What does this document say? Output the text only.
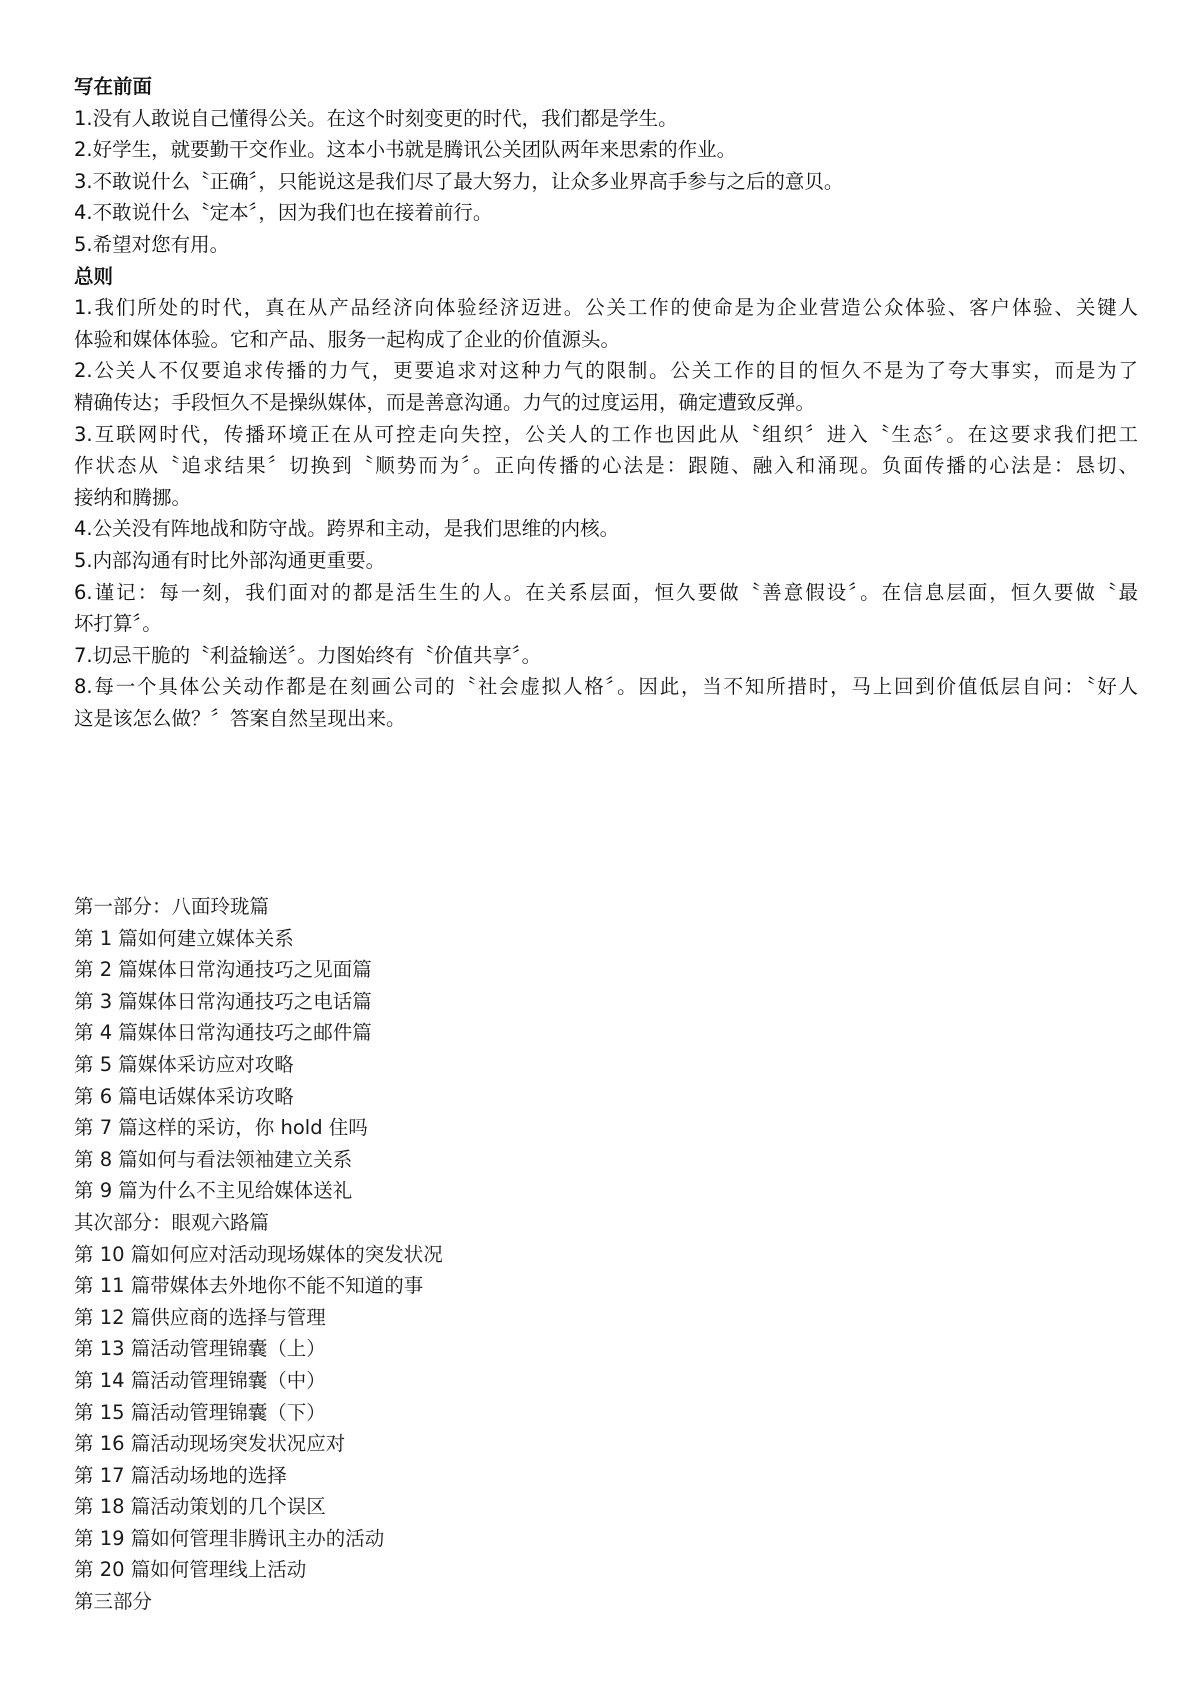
写在前面
1.没有人敢说自己懂得公关。在这个时刻变更的时代，我们都是学生。
2.好学生，就要勤干交作业。这本小书就是腾讯公关团队两年来思索的作业。
3.不敢说什么〝正确〞，只能说这是我们尽了最大努力，让众多业界高手参与之后的意贝。
4.不敢说什么〝定本〞，因为我们也在接着前行。
5.希望对您有用。
总则
1.我们所处的时代，真在从产品经济向体验经济迈进。公关工作的使命是为企业营造公众体验、客户体验、关键人
体验和媒体体验。它和产品、服务一起构成了企业的价值源头。
2.公关人不仅要追求传播的力气，更要追求对这种力气的限制。公关工作的目的恒久不是为了夸大事实，而是为了
精确传达；手段恒久不是操纵媒体，而是善意沟通。力气的过度运用，确定遭致反弹。
3.互联网时代，传播环境正在从可控走向失控，公关人的工作也因此从〝组织〞进入〝生态〞。在这要求我们把工
作状态从〝追求结果〞切换到〝顺势而为〞。正向传播的心法是：跟随、融入和涌现。负面传播的心法是：恳切、
接纳和腾挪。
4.公关没有阵地战和防守战。跨界和主动，是我们思维的内核。
5.内部沟通有时比外部沟通更重要。
6.谨记：每一刻，我们面对的都是活生生的人。在关系层面，恒久要做〝善意假设〞。在信息层面，恒久要做〝最
坏打算〞。
7.切忌干脆的〝利益输送〞。力图始终有〝价值共享〞。
8.每一个具体公关动作都是在刻画公司的〝社会虚拟人格〞。因此，当不知所措时，马上回到价值低层自问：〝好人
这是该怎么做？〞答案自然呈现出来。
第一部分：八面玲珑篇
第 1 篇如何建立媒体关系
第 2 篇媒体日常沟通技巧之见面篇
第 3 篇媒体日常沟通技巧之电话篇
第 4 篇媒体日常沟通技巧之邮件篇
第 5 篇媒体采访应对攻略
第 6 篇电话媒体采访攻略
第 7 篇这样的采访，你 hold 住吗
第 8 篇如何与看法领袖建立关系
第 9 篇为什么不主见给媒体送礼
其次部分：眼观六路篇
第 10 篇如何应对活动现场媒体的突发状况
第 11 篇带媒体去外地你不能不知道的事
第 12 篇供应商的选择与管理
第 13 篇活动管理锦囊（上）
第 14 篇活动管理锦囊（中）
第 15 篇活动管理锦囊（下）
第 16 篇活动现场突发状况应对
第 17 篇活动场地的选择
第 18 篇活动策划的几个误区
第 19 篇如何管理非腾讯主办的活动
第 20 篇如何管理线上活动
第三部分
